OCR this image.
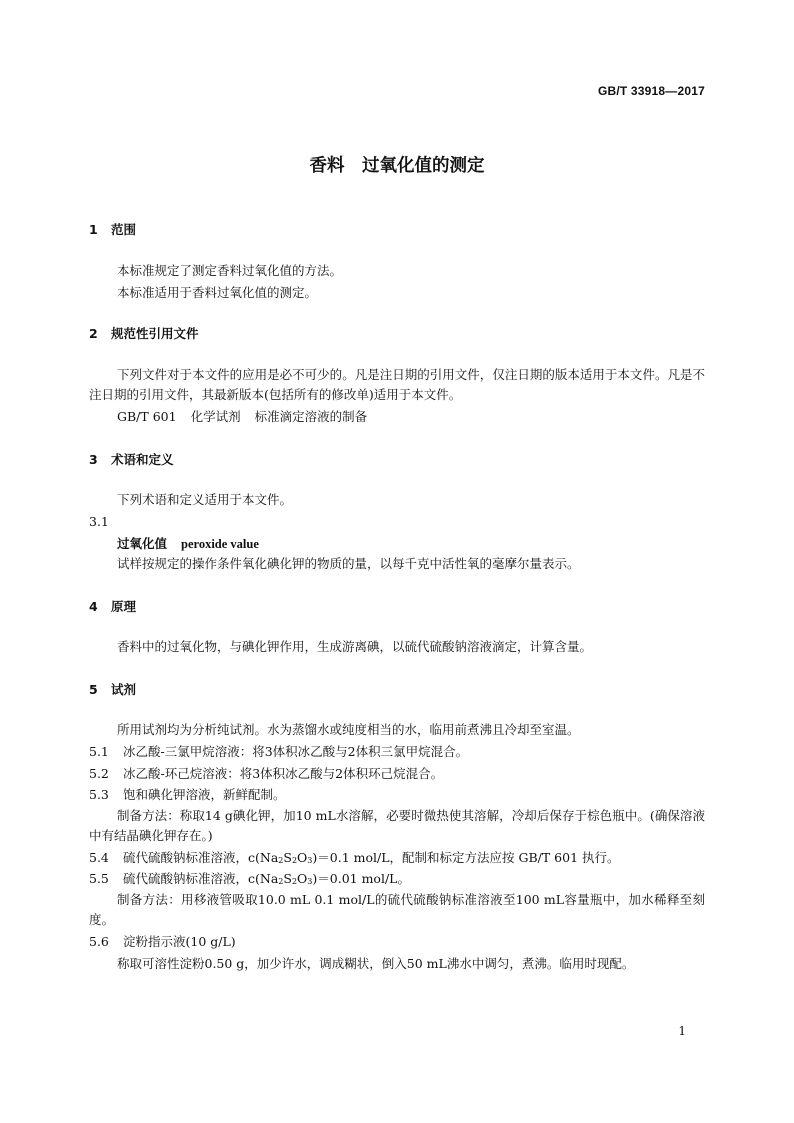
GB/T 33918—2017
香料　过氧化值的测定
1 范围
本标准规定了测定香料过氧化值的方法。
本标准适用于香料过氧化值的测定。
2 规范性引用文件
下列文件对于本文件的应用是必不可少的。凡是注日期的引用文件，仅注日期的版本适用于本文件。凡是不注日期的引用文件，其最新版本(包括所有的修改单)适用于本文件。
GB/T 601 化学试剂 标准滴定溶液的制备
3 术语和定义
下列术语和定义适用于本文件。
3.1
过氧化值 peroxide value
试样按规定的操作条件氧化碘化钾的物质的量，以每千克中活性氧的毫摩尔量表示。
4 原理
香料中的过氧化物，与碘化钾作用，生成游离碘，以硫代硫酸钠溶液滴定，计算含量。
5 试剂
所用试剂均为分析纯试剂。水为蒸馏水或纯度相当的水，临用前煮沸且冷却至室温。
5.1 冰乙酸-三氯甲烷溶液：将3体积冰乙酸与2体积三氯甲烷混合。
5.2 冰乙酸-环己烷溶液：将3体积冰乙酸与2体积环己烷混合。
5.3 饱和碘化钾溶液，新鲜配制。
制备方法：称取14 g碘化钾，加10 mL水溶解，必要时微热使其溶解，冷却后保存于棕色瓶中。(确保溶液中有结晶碘化钾存在。)
5.4 硫代硫酸钠标准溶液，$c(Na_2S_2O_3)=0.1$ mol/L，配制和标定方法应按 GB/T 601 执行。
5.5 硫代硫酸钠标准溶液，$c(Na_2S_2O_3)=0.01$ mol/L。
制备方法：用移液管吸取10.0 mL 0.1 mol/L的硫代硫酸钠标准溶液至100 mL容量瓶中，加水稀释至刻度。
5.6 淀粉指示液(10 g/L)
称取可溶性淀粉0.50 g，加少许水，调成糊状，倒入50 mL沸水中调匀，煮沸。临用时现配。
1
